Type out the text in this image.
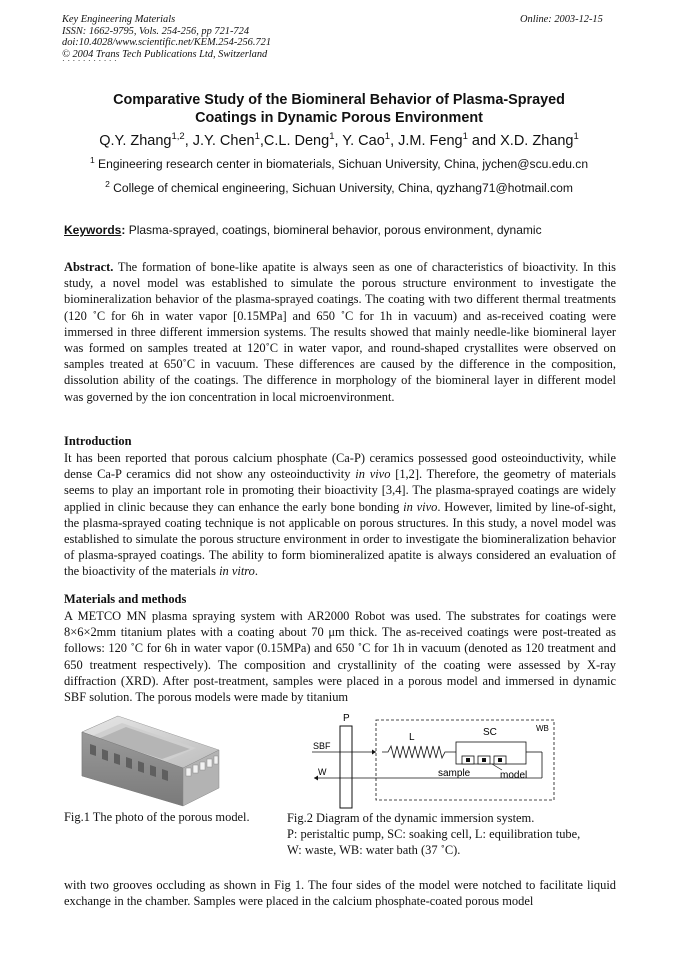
Key Engineering Materials
ISSN: 1662-9795, Vols. 254-256, pp 721-724
doi:10.4028/www.scientific.net/KEM.254-256.721
© 2004 Trans Tech Publications Ltd, Switzerland
Online: 2003-12-15
Comparative Study of the Biomineral Behavior of Plasma-Sprayed
Coatings in Dynamic Porous Environment
Q.Y. Zhang$^{1,2}$, J.Y. Chen$^1$,C.L. Deng$^1$, Y. Cao$^1$, J.M. Feng$^1$ and X.D. Zhang$^1$
$^1$ Engineering research center in biomaterials, Sichuan University, China, jychen@scu.edu.cn
$^2$ College of chemical engineering, Sichuan University, China, qyzhang71@hotmail.com
Keywords: Plasma-sprayed, coatings, biomineral behavior, porous environment, dynamic

Abstract. The formation of bone-like apatite is always seen as one of characteristics of bioactivity. In this study, a novel model was established to simulate the porous structure environment to investigate the biomineralization behavior of the plasma-sprayed coatings. The coating with two different thermal treatments (120 ˚C for 6h in water vapor [0.15MPa] and 650 ˚C for 1h in vacuum) and as-received coating were immersed in three different immersion systems. The results showed that mainly needle-like biomineral layer was formed on samples treated at 120˚C in water vapor, and round-shaped crystallites were observed on samples treated at 650˚C in vacuum. These differences are caused by the difference in the composition, dissolution ability of the coatings. The difference in morphology of the biomineral layer in different model was governed by the ion concentration in local microenvironment.

Introduction

It has been reported that porous calcium phosphate (Ca-P) ceramics possessed good osteoinductivity, while dense Ca-P ceramics did not show any osteoinductivity in vivo [1,2]. Therefore, the geometry of materials seems to play an important role in promoting their bioactivity [3,4]. The plasma-sprayed coatings are widely applied in clinic because they can enhance the early bone bonding in vivo. However, limited by line-of-sight, the plasma-sprayed coating technique is not applicable on porous structures. In this study, a novel model was established to simulate the porous structure environment in order to investigate the biomineralization behavior of plasma-sprayed coatings. The ability to form biomineralized apatite is always considered an evaluation of the bioactivity of the materials in vitro.

Materials and methods

A METCO MN plasma spraying system with AR2000 Robot was used. The substrates for coatings were 8×6×2mm titanium plates with a coating about 70 μm thick. The as-received coatings were post-treated as follows: 120 ˚C for 6h in water vapor (0.15MPa) and 650 ˚C for 1h in vacuum (denoted as 120 treatment and 650 treatment respectively). The composition and crystallinity of the coating were assessed by X-ray diffraction (XRD). After post-treatment, samples were placed in a porous model and immersed in dynamic SBF solution. The porous models were made by titanium

P
SBF
W
WB
L	SC
sample	model
Fig.1 The photo of the porous model.	Fig.2 Diagram of the dynamic immersion system.
P: peristaltic pump, SC: soaking cell, L: equilibration tube,
W: waste, WB: water bath (37 ˚C).

with two grooves occluding as shown in Fig 1. The four sides of the model were notched to facilitate liquid exchange in the chamber. Samples were placed in the calcium phosphate-coated porous model
